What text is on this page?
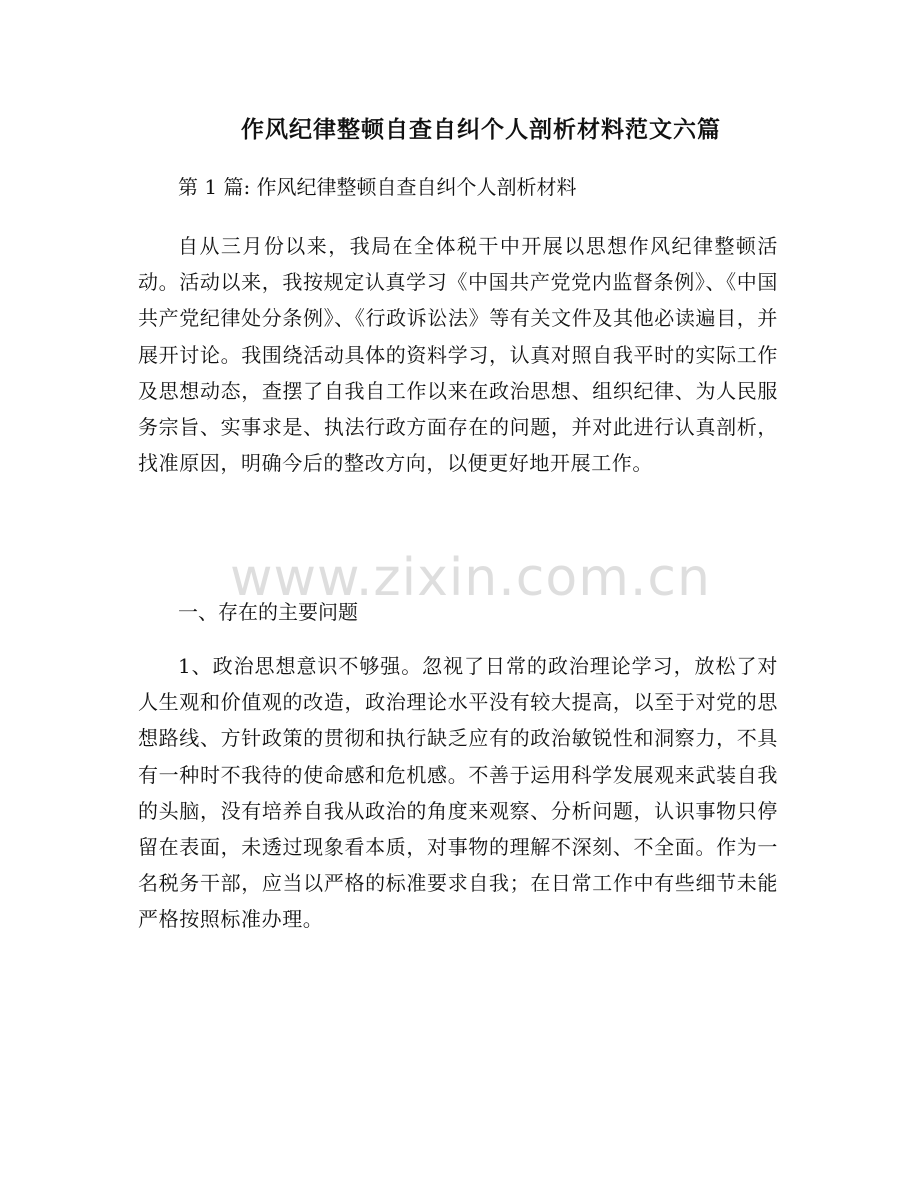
作风纪律整顿自查自纠个人剖析材料范文六篇
第 1 篇: 作风纪律整顿自查自纠个人剖析材料
自从三月份以来，我局在全体税干中开展以思想作风纪律整顿活动。活动以来，我按规定认真学习《中国共产党党内监督条例》、《中国共产党纪律处分条例》、《行政诉讼法》等有关文件及其他必读遍目，并展开讨论。我围绕活动具体的资料学习，认真对照自我平时的实际工作及思想动态，查摆了自我自工作以来在政治思想、组织纪律、为人民服务宗旨、实事求是、执法行政方面存在的问题，并对此进行认真剖析，找准原因，明确今后的整改方向，以便更好地开展工作。
www.zixin.com.cn
一、存在的主要问题
1、政治思想意识不够强。忽视了日常的政治理论学习，放松了对人生观和价值观的改造，政治理论水平没有较大提高，以至于对党的思想路线、方针政策的贯彻和执行缺乏应有的政治敏锐性和洞察力，不具有一种时不我待的使命感和危机感。不善于运用科学发展观来武装自我的头脑，没有培养自我从政治的角度来观察、分析问题，认识事物只停留在表面，未透过现象看本质，对事物的理解不深刻、不全面。作为一名税务干部，应当以严格的标准要求自我；在日常工作中有些细节未能严格按照标准办理。
